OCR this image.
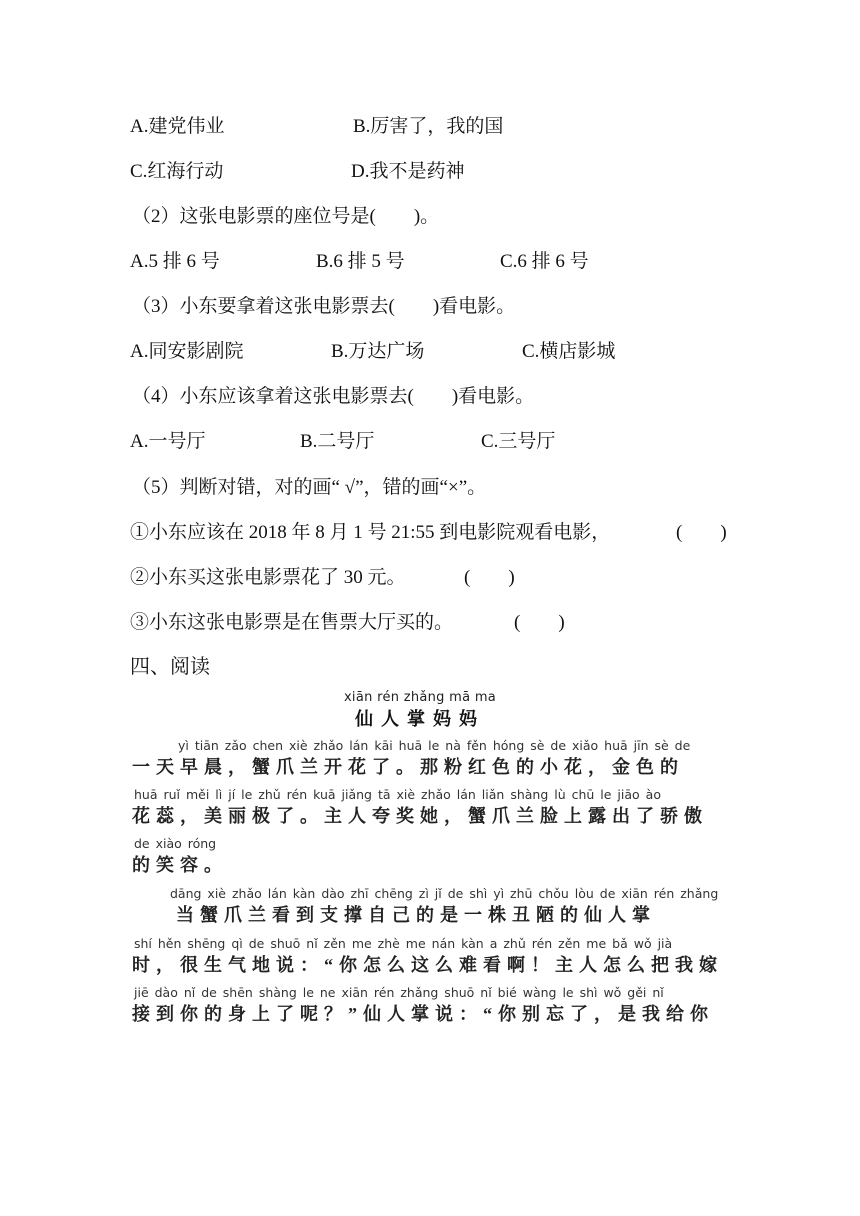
A.建党伟业	B.厉害了，我的国
C.红海行动	D.我不是药神
（2）这张电影票的座位号是(　　)。
A.5 排 6 号	B.6 排 5 号	C.6 排 6 号
（3）小东要拿着这张电影票去(　　)看电影。
A.同安影剧院	B.万达广场	C.横店影城
（4）小东应该拿着这张电影票去(　　)看电影。
A.一号厅	B.二号厅	C.三号厅
（5）判断对错，对的画“ √”，错的画“×”。
①小东应该在 2018 年 8 月 1 号 21:55 到电影院观看电影，	(　　)
②小东买这张电影票花了 30 元。	(　　)
③小东这张电影票是在售票大厅买的。	(　　)
四、阅读
xiān rén zhǎng mā ma
仙人掌妈妈
yì tiān zǎo chen xiè zhǎo lán kāi huā le nà fěn hóng sè de xiǎo huā jīn sè de
一天早晨，蟹爪兰开花了。那粉红色的小花，金色的
huā ruǐ měi lì jí le zhǔ rén kuā jiǎng tā xiè zhǎo lán liǎn shàng lù chū le jiāo ào
花蕊，美丽极了。主人夸奖她，蟹爪兰脸上露出了骄傲
de xiào róng
的笑容。
dāng xiè zhǎo lán kàn dào zhī chēng zì jǐ de shì yì zhū chǒu lòu de xiān rén zhǎng
当蟹爪兰看到支撑自己的是一株丑陋的仙人掌
shí hěn shēng qì de shuō nǐ zěn me zhè me nán kàn a zhǔ rén zěn me bǎ wǒ jià
时，很生气地说：“你怎么这么难看啊！主人怎么把我嫁
jiē dào nǐ de shēn shàng le ne xiān rén zhǎng shuō nǐ bié wàng le shì wǒ gěi nǐ
接到你的身上了呢？”仙人掌说：“你别忘了，是我给你
